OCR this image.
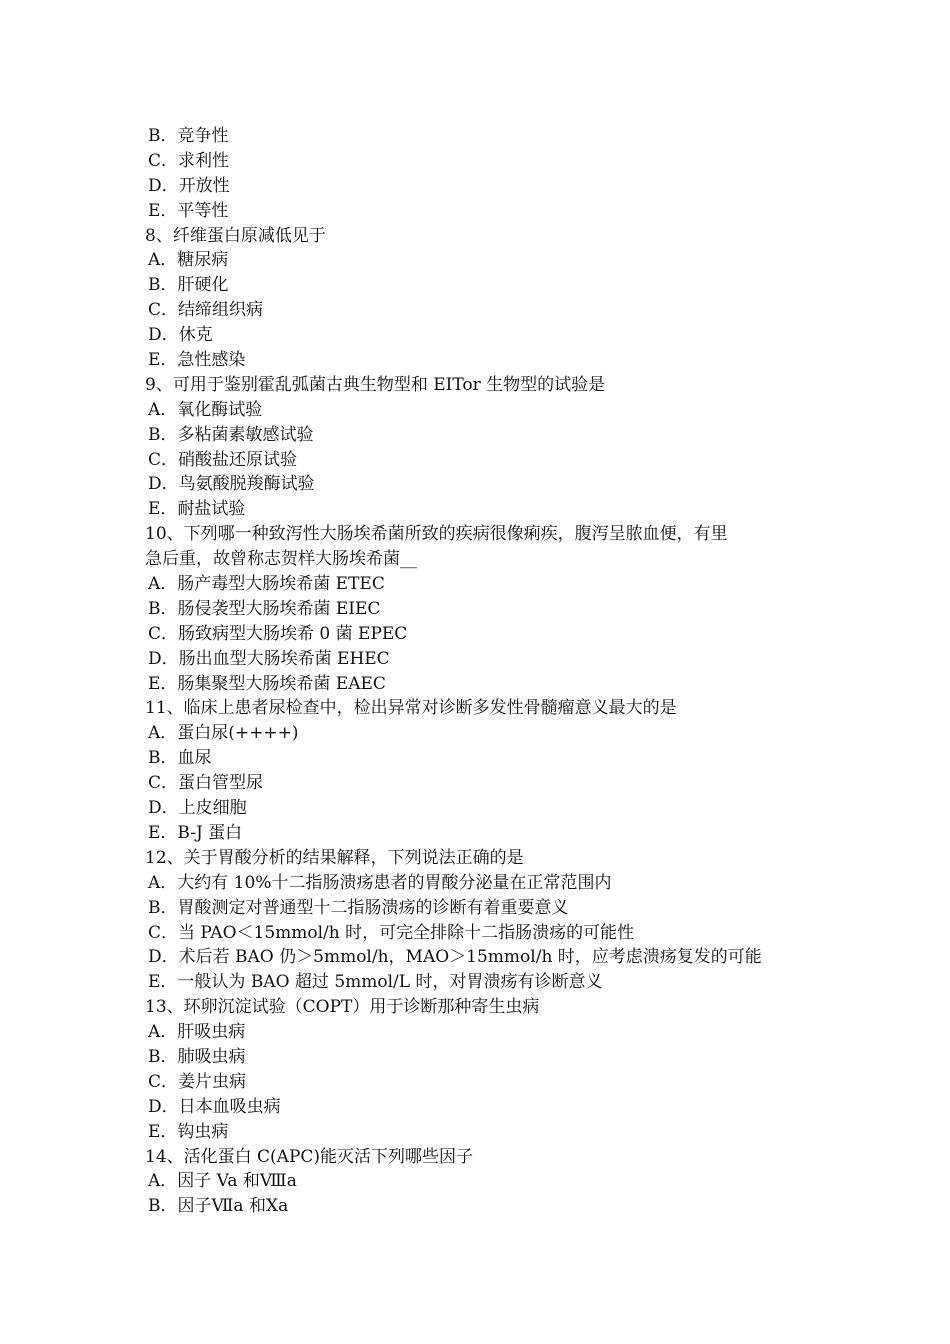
B．竞争性
C．求利性
D．开放性
E．平等性
8、纤维蛋白原减低见于
A．糖尿病
B．肝硬化
C．结缔组织病
D．休克
E．急性感染
9、可用于鉴别霍乱弧菌古典生物型和 EITor 生物型的试验是
A．氧化酶试验
B．多粘菌素敏感试验
C．硝酸盐还原试验
D．鸟氨酸脱羧酶试验
E．耐盐试验
10、下列哪一种致泻性大肠埃希菌所致的疾病很像痢疾，腹泻呈脓血便，有里
急后重，故曾称志贺样大肠埃希菌__
A．肠产毒型大肠埃希菌 ETEC
B．肠侵袭型大肠埃希菌 EIEC
C．肠致病型大肠埃希 0 菌 EPEC
D．肠出血型大肠埃希菌 EHEC
E．肠集聚型大肠埃希菌 EAEC
11、临床上患者尿检查中，检出异常对诊断多发性骨髓瘤意义最大的是
A．蛋白尿(++++)
B．血尿
C．蛋白管型尿
D．上皮细胞
E．B-J 蛋白
12、关于胃酸分析的结果解释，下列说法正确的是
A．大约有 10%十二指肠溃疡患者的胃酸分泌量在正常范围内
B．胃酸测定对普通型十二指肠溃疡的诊断有着重要意义
C．当 PAO＜15mmol/h 时，可完全排除十二指肠溃疡的可能性
D．术后若 BAO 仍＞5mmol/h，MAO＞15mmol/h 时，应考虑溃疡复发的可能
E．一般认为 BAO 超过 5mmol/L 时，对胃溃疡有诊断意义
13、环卵沉淀试验（COPT）用于诊断那种寄生虫病
A．肝吸虫病
B．肺吸虫病
C．姜片虫病
D．日本血吸虫病
E．钩虫病
14、活化蛋白 C(APC)能灭活下列哪些因子
A．因子 Va 和Ⅷa
B．因子Ⅶa 和Ⅹa
